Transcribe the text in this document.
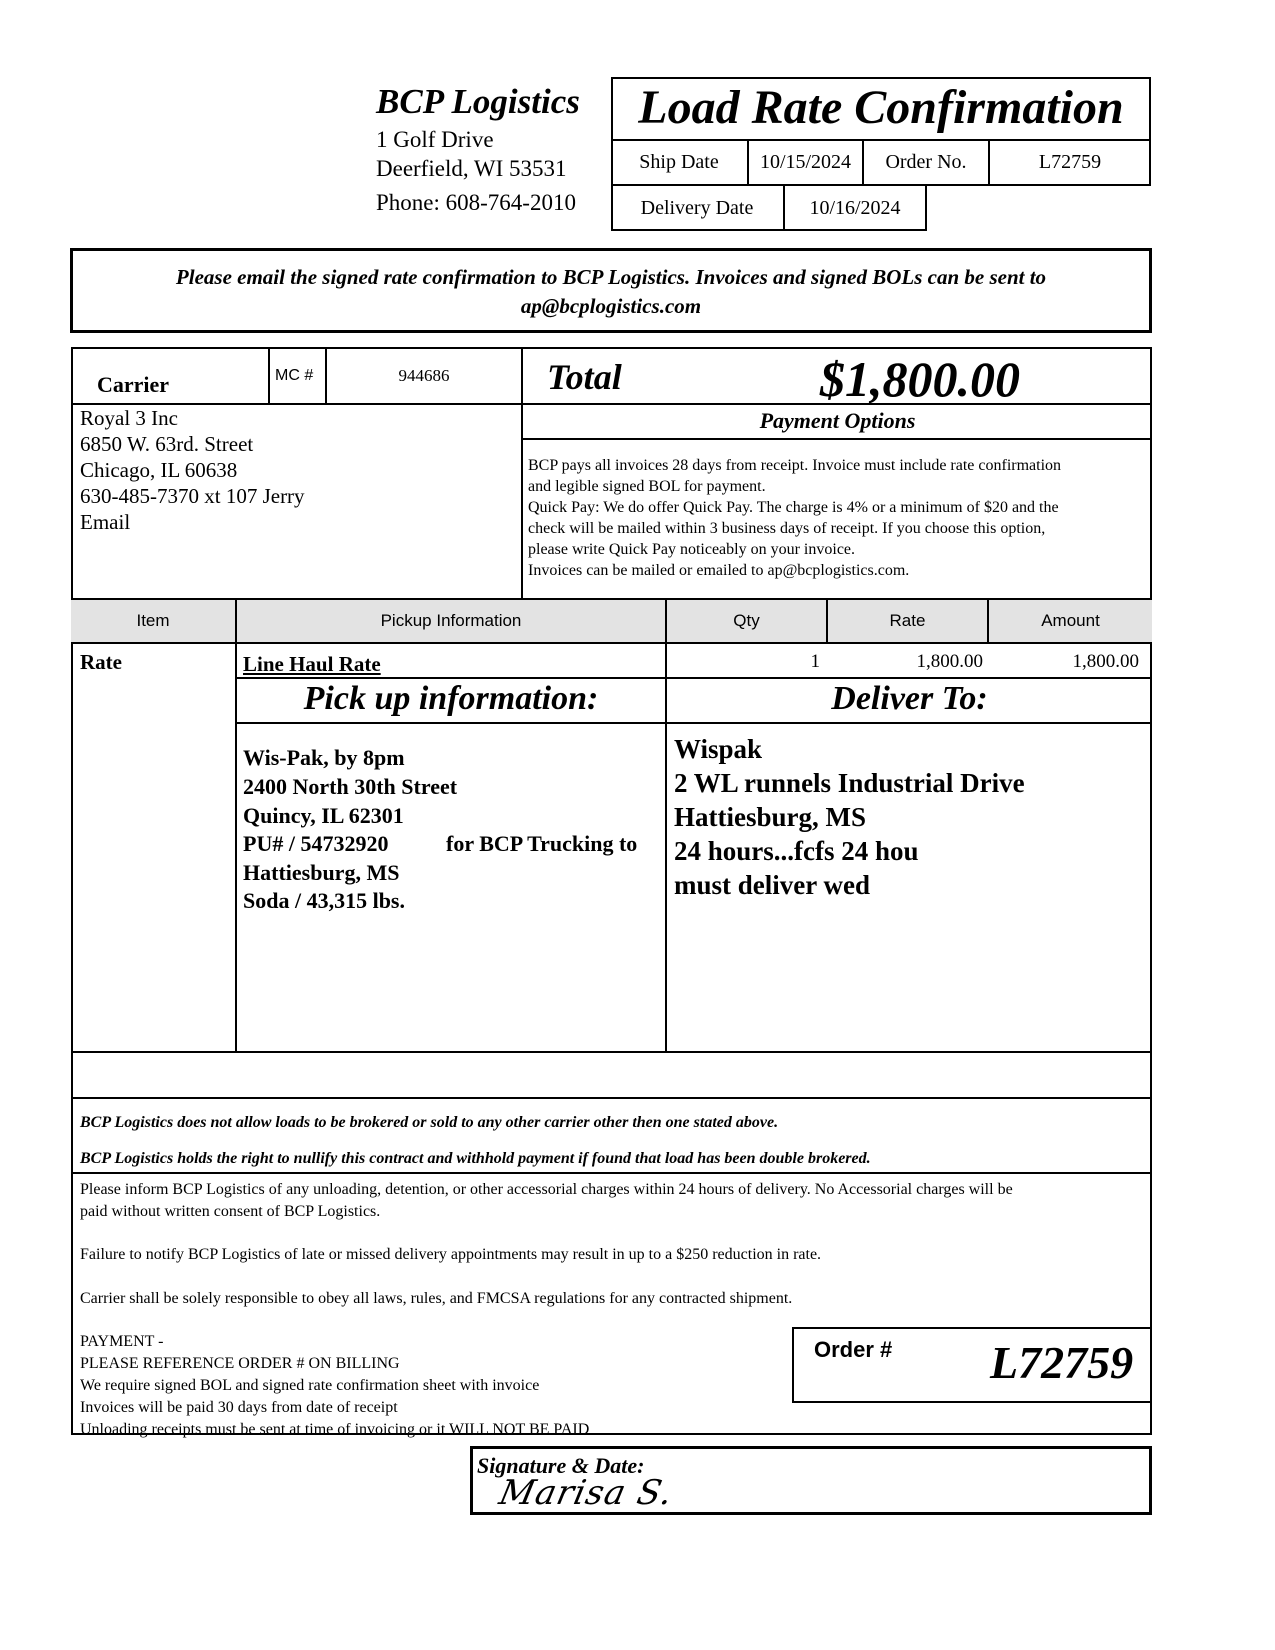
BCP Logistics
1 Golf Drive
Deerfield, WI 53531
Phone: 608-764-2010
Load Rate Confirmation
Ship Date	10/15/2024	Order No.	L72759
Delivery Date	10/16/2024
Please email the signed rate confirmation to BCP Logistics. Invoices and signed BOLs can be sent to
ap@bcplogistics.com
Carrier	MC #	944686	Total	$1,800.00
Royal 3 Inc
6850 W. 63rd. Street
Chicago, IL 60638
630-485-7370 xt 107 Jerry
Email
Payment Options
BCP pays all invoices 28 days from receipt. Invoice must include rate confirmation
and legible signed BOL for payment.
Quick Pay: We do offer Quick Pay. The charge is 4% or a minimum of $20 and the
check will be mailed within 3 business days of receipt. If you choose this option,
please write Quick Pay noticeably on your invoice.
Invoices can be mailed or emailed to ap@bcplogistics.com.
Item	Pickup Information	Qty	Rate	Amount
Rate	Line Haul Rate	1	1,800.00	1,800.00
Pick up information:	Deliver To:
Wis-Pak, by 8pm
2400 North 30th Street
Quincy, IL 62301
PU# / 54732920	for BCP Trucking to
Hattiesburg, MS
Soda / 43,315 lbs.
Wispak
2 WL runnels Industrial Drive
Hattiesburg, MS
24 hours...fcfs 24 hou
must deliver wed
BCP Logistics does not allow loads to be brokered or sold to any other carrier other then one stated above.
BCP Logistics holds the right to nullify this contract and withhold payment if found that load has been double brokered.
Please inform BCP Logistics of any unloading, detention, or other accessorial charges within 24 hours of delivery. No Accessorial charges will be
paid without written consent of BCP Logistics.
Failure to notify BCP Logistics of late or missed delivery appointments may result in up to a $250 reduction in rate.
Carrier shall be solely responsible to obey all laws, rules, and FMCSA regulations for any contracted shipment.
PAYMENT -
PLEASE REFERENCE ORDER # ON BILLING
We require signed BOL and signed rate confirmation sheet with invoice
Invoices will be paid 30 days from date of receipt
Unloading receipts must be sent at time of invoicing or it WILL NOT BE PAID
Order # L72759
Signature & Date:
Marisa S.
